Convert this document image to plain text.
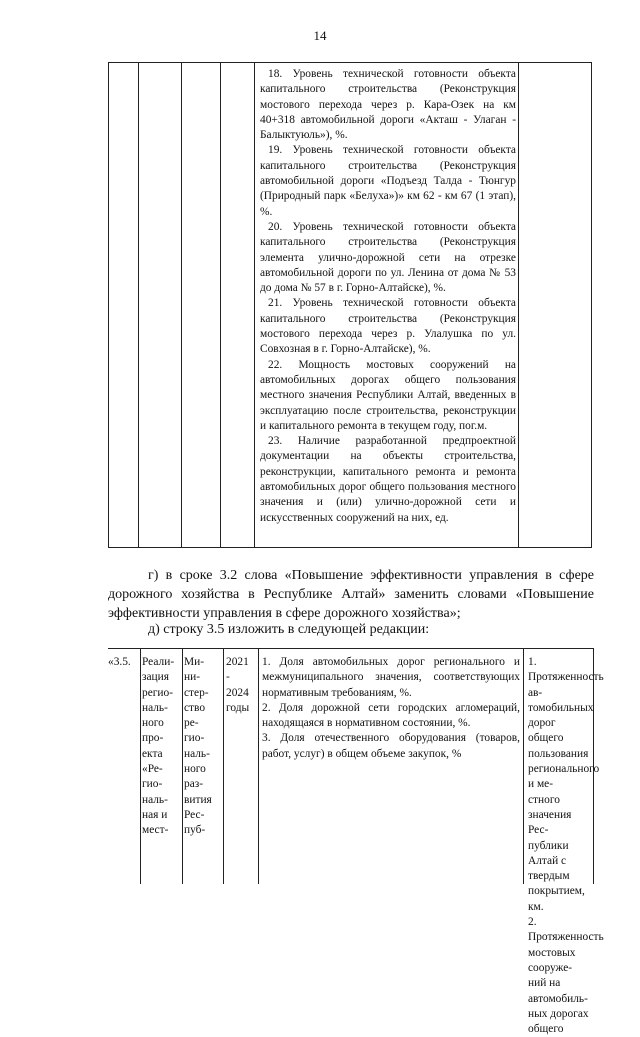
14

18. Уровень технической готовности объекта капитального строительства (Реконструкция мостового перехода через р. Кара-Озек на км 40+318 автомобильной дороги «Акташ - Улаган - Балыктуюль»), %.

19. Уровень технической готовности объекта капитального строительства (Реконструкция автомобильной дороги «Подъезд Талда - Тюнгур (Природный парк «Белуха»)» км 62 - км 67 (1 этап), %.

20. Уровень технической готовности объекта капитального строительства (Реконструкция элемента улично-дорожной сети на отрезке автомобильной дороги по ул. Ленина от дома № 53 до дома № 57 в г. Горно-Алтайске), %.

21. Уровень технической готовности объекта капитального строительства (Реконструкция мостового перехода через р. Улалушка по ул. Совхозная в г. Горно-Алтайске), %.

22. Мощность мостовых сооружений на автомобильных дорогах общего пользования местного значения Республики Алтай, введенных в эксплуатацию после строительства, реконструкции и капитального ремонта в текущем году, пог.м.

23. Наличие разработанной предпроектной документации на объекты строительства, реконструкции, капитального ремонта и ремонта автомобильных дорог общего пользования местного значения и (или) улично-дорожной сети и искусственных сооружений на них, ед.

г) в сроке 3.2 слова «Повышение эффективности управления в сфере дорожного хозяйства в Республике Алтай» заменить словами «Повышение эффективности управления в сфере дорожного хозяйства»;
д) строку 3.5 изложить в следующей редакции:
«3.5. Реали-
зация
регио-
наль-
ного
про-
екта
«Ре-
гио-
наль-
ная и
мест-
Ми-
ни-
стер-
ство
ре-
гио-
наль-
ного
раз-
вития
Рес-
пуб-
2021
-
2024
годы

1. Доля автомобильных дорог регионального и межмуниципального значения, соответствующих нормативным требованиям, %.

2. Доля дорожной сети городских агломераций, находящаяся в нормативном состоянии, %.

3. Доля отечественного оборудования (товаров, работ, услуг) в общем объеме закупок, %

1. Протяженность ав-
томобильных дорог
общего пользования
регионального и ме-
стного значения Рес-
публики Алтай с
твердым покрытием,
км.
2. Протяженность
мостовых сооруже-
ний на автомобиль-
ных дорогах общего
